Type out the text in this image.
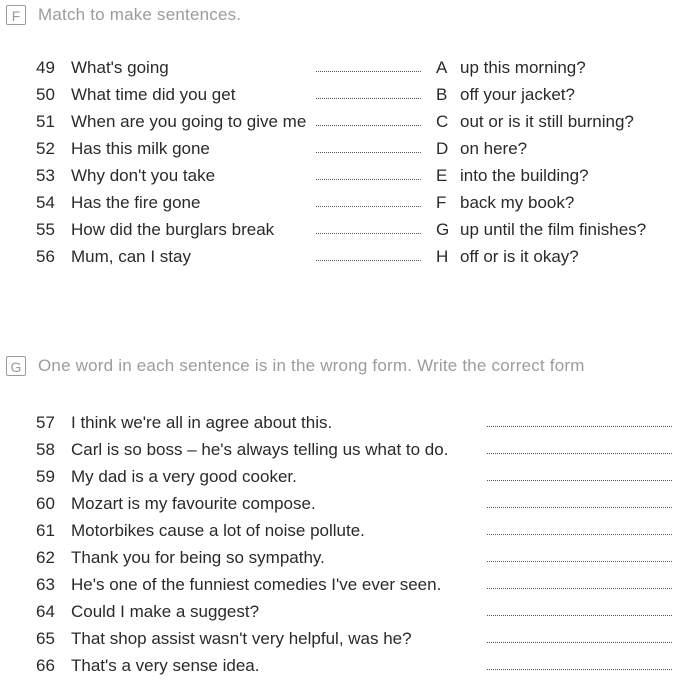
F	Match to make sentences.
49 What's going	A up this morning?
50 What time did you get	B off your jacket?
51 When are you going to give me	C out or is it still burning?
52 Has this milk gone	D on here?
53 Why don't you take	E into the building?
54 Has the fire gone	F back my book?
55 How did the burglars break	G up until the film finishes?
56 Mum, can I stay	H off or is it okay?
G One word in each sentence is in the wrong form. Write the correct form
57 I think we're all in agree about this.
58 Carl is so boss – he's always telling us what to do.
59 My dad is a very good cooker.
60 Mozart is my favourite compose.
61 Motorbikes cause a lot of noise pollute.
62 Thank you for being so sympathy.
63 He's one of the funniest comedies I've ever seen.
64 Could I make a suggest?
65 That shop assist wasn't very helpful, was he?
66 That's a very sense idea.
